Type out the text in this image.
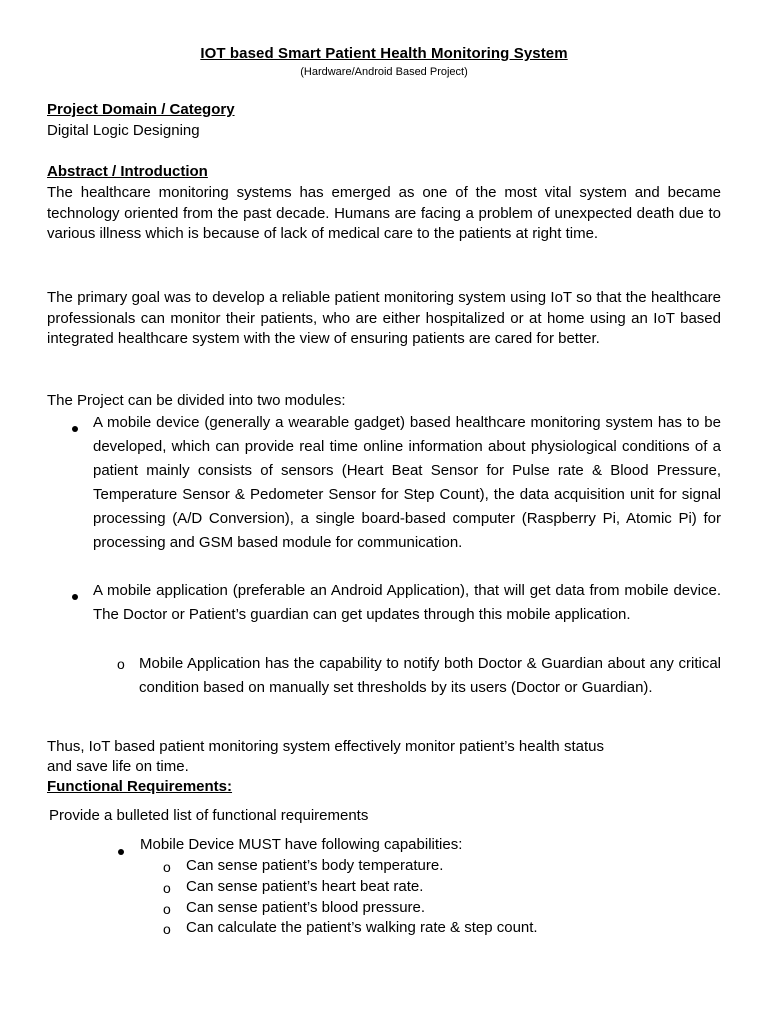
IOT based Smart Patient Health Monitoring System
(Hardware/Android Based Project)
Project Domain / Category
Digital Logic Designing
Abstract / Introduction
The healthcare monitoring systems has emerged as one of the most vital system and became technology oriented from the past decade. Humans are facing a problem of unexpected death due to various illness which is because of lack of medical care to the patients at right time.
The primary goal was to develop a reliable patient monitoring system using IoT so that the healthcare professionals can monitor their patients, who are either hospitalized or at home using an IoT based integrated healthcare system with the view of ensuring patients are cared for better.
The Project can be divided into two modules:
A mobile device (generally a wearable gadget) based healthcare monitoring system has to be developed, which can provide real time online information about physiological conditions of a patient mainly consists of sensors (Heart Beat Sensor for Pulse rate & Blood Pressure, Temperature Sensor & Pedometer Sensor for Step Count), the data acquisition unit for signal processing (A/D Conversion), a single board-based computer (Raspberry Pi, Atomic Pi) for processing and GSM based module for communication.
A mobile application (preferable an Android Application), that will get data from mobile device. The Doctor or Patient’s guardian can get updates through this mobile application.
o Mobile Application has the capability to notify both Doctor & Guardian about any critical condition based on manually set thresholds by its users (Doctor or Guardian).
Thus, IoT based patient monitoring system effectively monitor patient’s health status
and save life on time.
Functional Requirements:
Provide a bulleted list of functional requirements
Mobile Device MUST have following capabilities:
o Can sense patient’s body temperature.
o Can sense patient’s heart beat rate.
o Can sense patient’s blood pressure.
o Can calculate the patient’s walking rate & step count.
